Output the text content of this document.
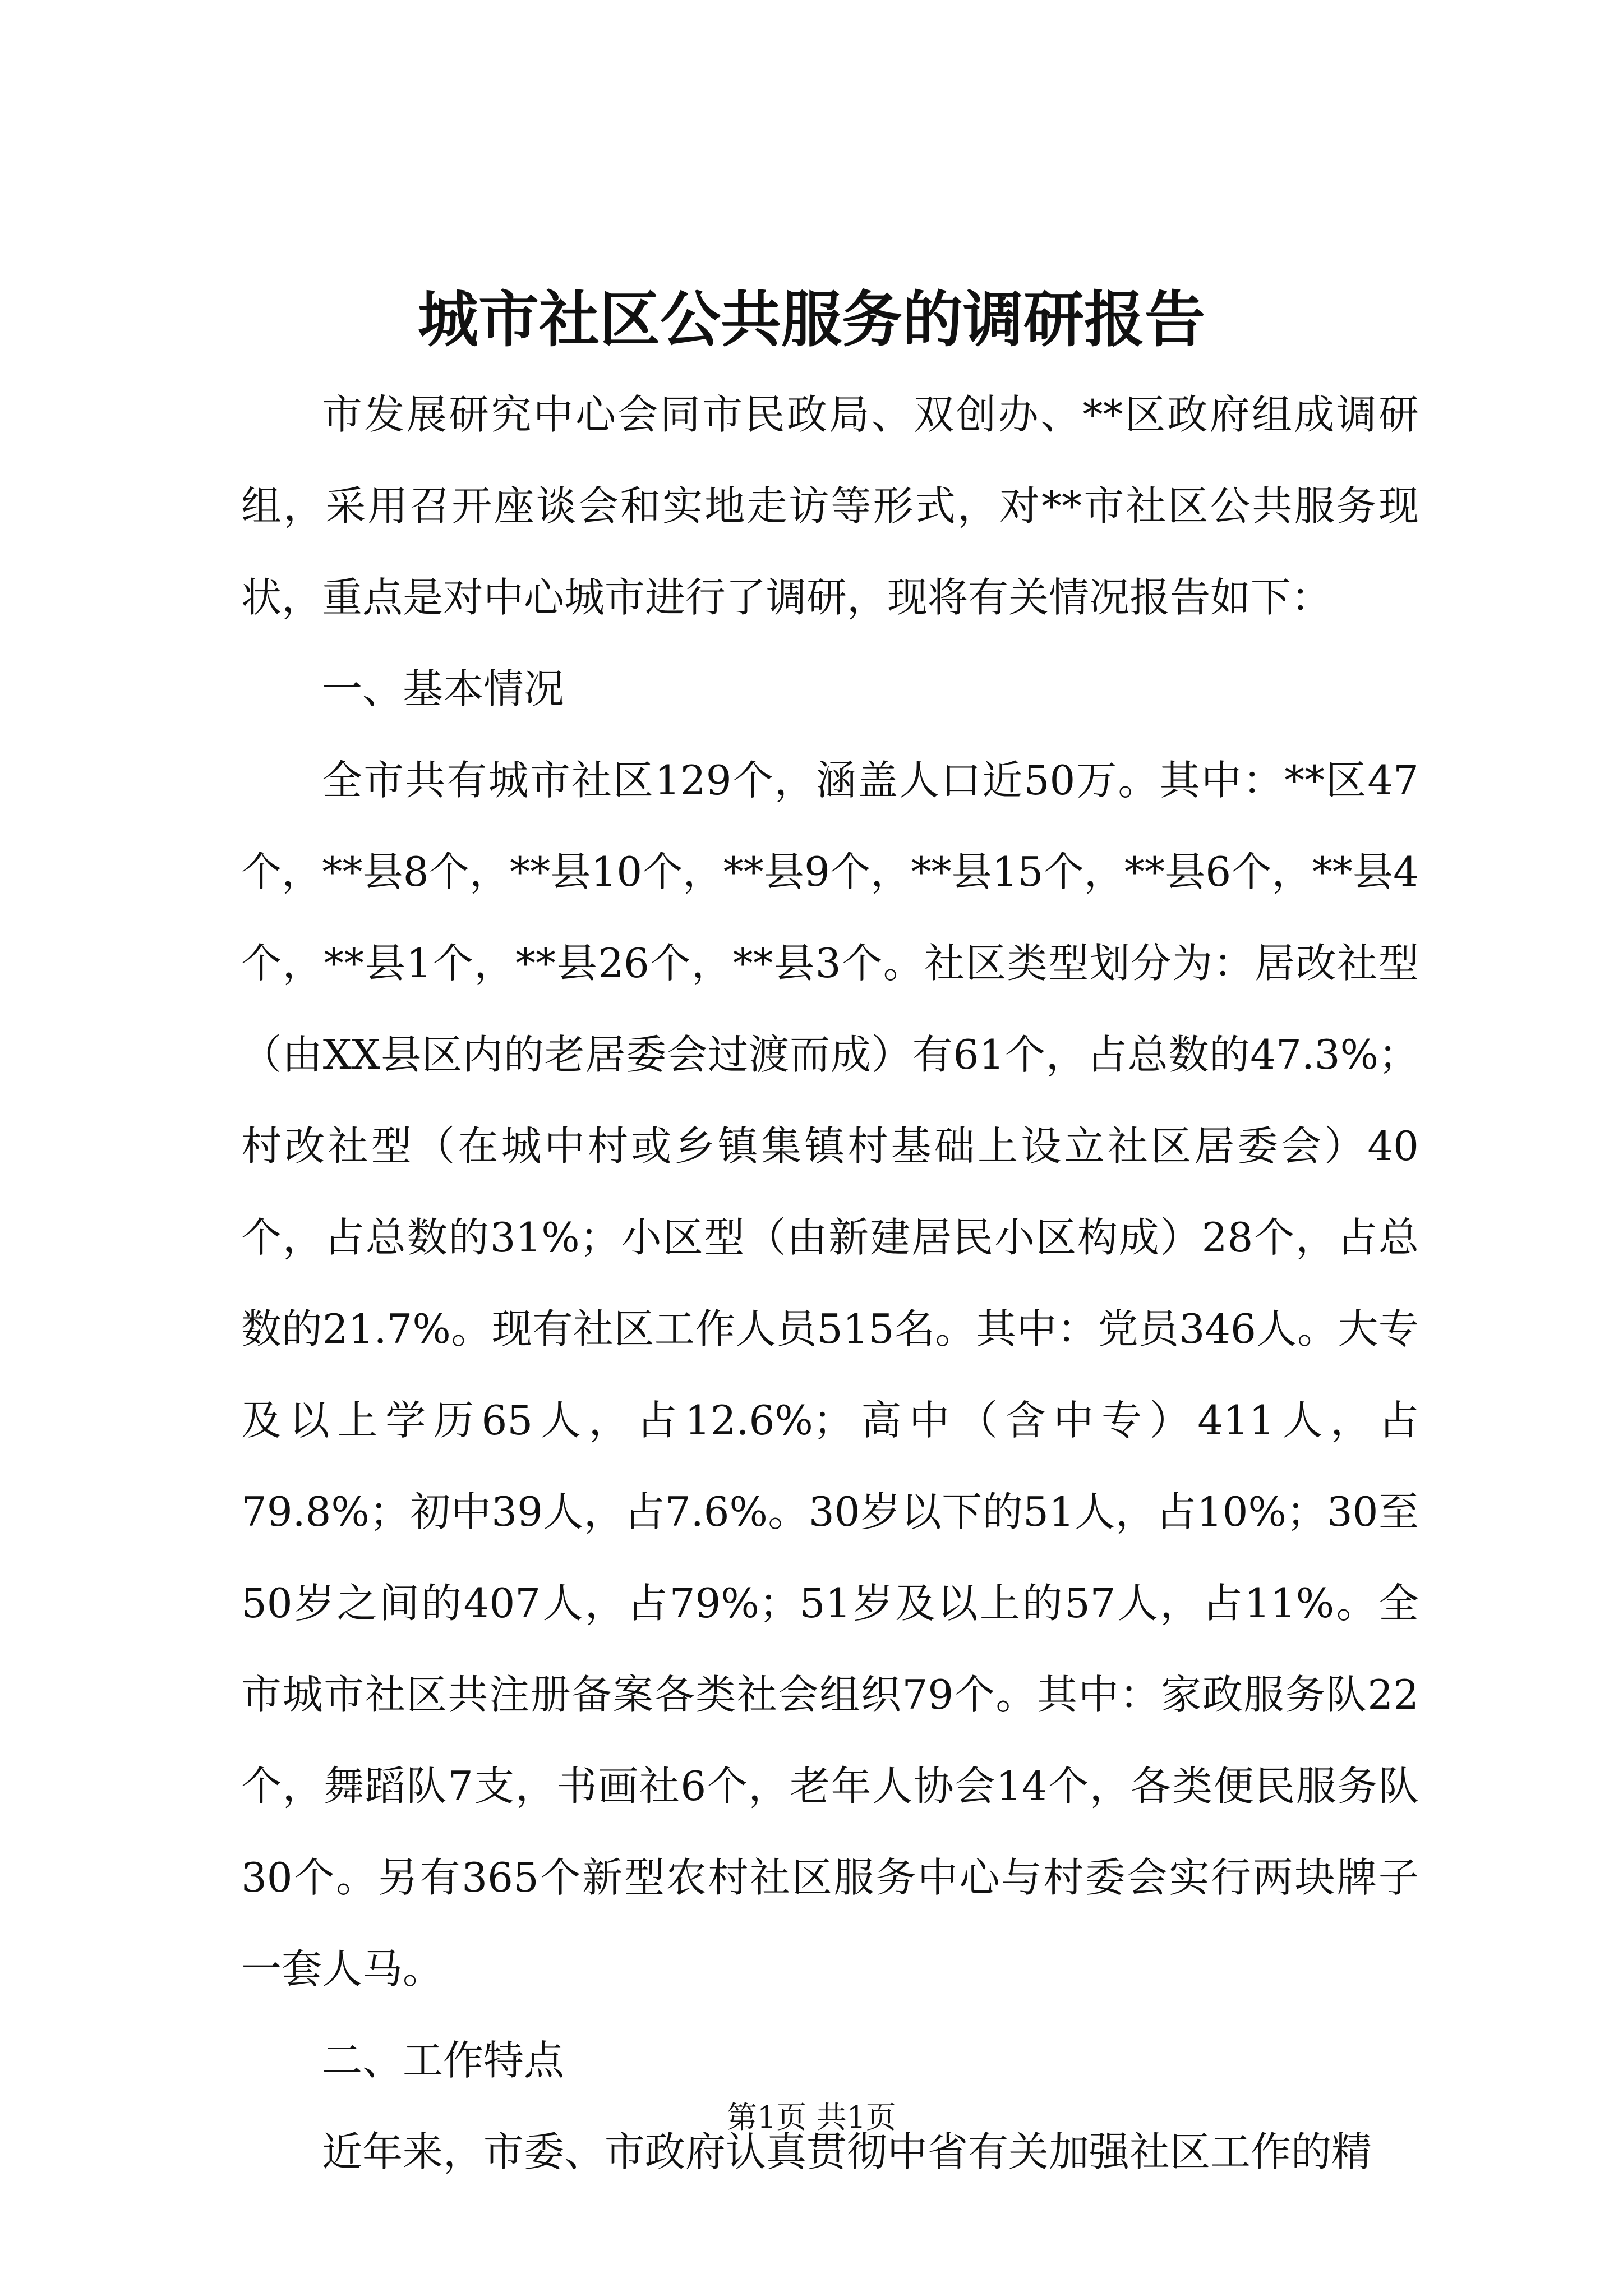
城市社区公共服务的调研报告

市发展研究中心会同市民政局、双创办、**区政府组成调研组，采用召开座谈会和实地走访等形式，对**市社区公共服务现状，重点是对中心城市进行了调研，现将有关情况报告如下：

一、基本情况

全市共有城市社区129个，涵盖人口近50万。其中：**区47个，**县8个，**县10个，**县9个，**县15个，**县6个，**县4个，**县1个，**县26个，**县3个。社区类型划分为：居改社型（由XX县区内的老居委会过渡而成）有61个，占总数的47.3%；村改社型（在城中村或乡镇集镇村基础上设立社区居委会）40个，占总数的31%；小区型（由新建居民小区构成）28个，占总数的21.7%。现有社区工作人员515名。其中：党员346人。大专及以上学历65人，占12.6%；高中（含中专）411人，占79.8%；初中39人，占7.6%。30岁以下的51人，占10%；30至50岁之间的407人，占79%；51岁及以上的57人，占11%。全市城市社区共注册备案各类社会组织79个。其中：家政服务队22个，舞蹈队7支，书画社6个，老年人协会14个，各类便民服务队30个。另有365个新型农村社区服务中心与村委会实行两块牌子一套人马。

二、工作特点

近年来，市委、市政府认真贯彻中省有关加强社区工作的精

第1页 共1页
